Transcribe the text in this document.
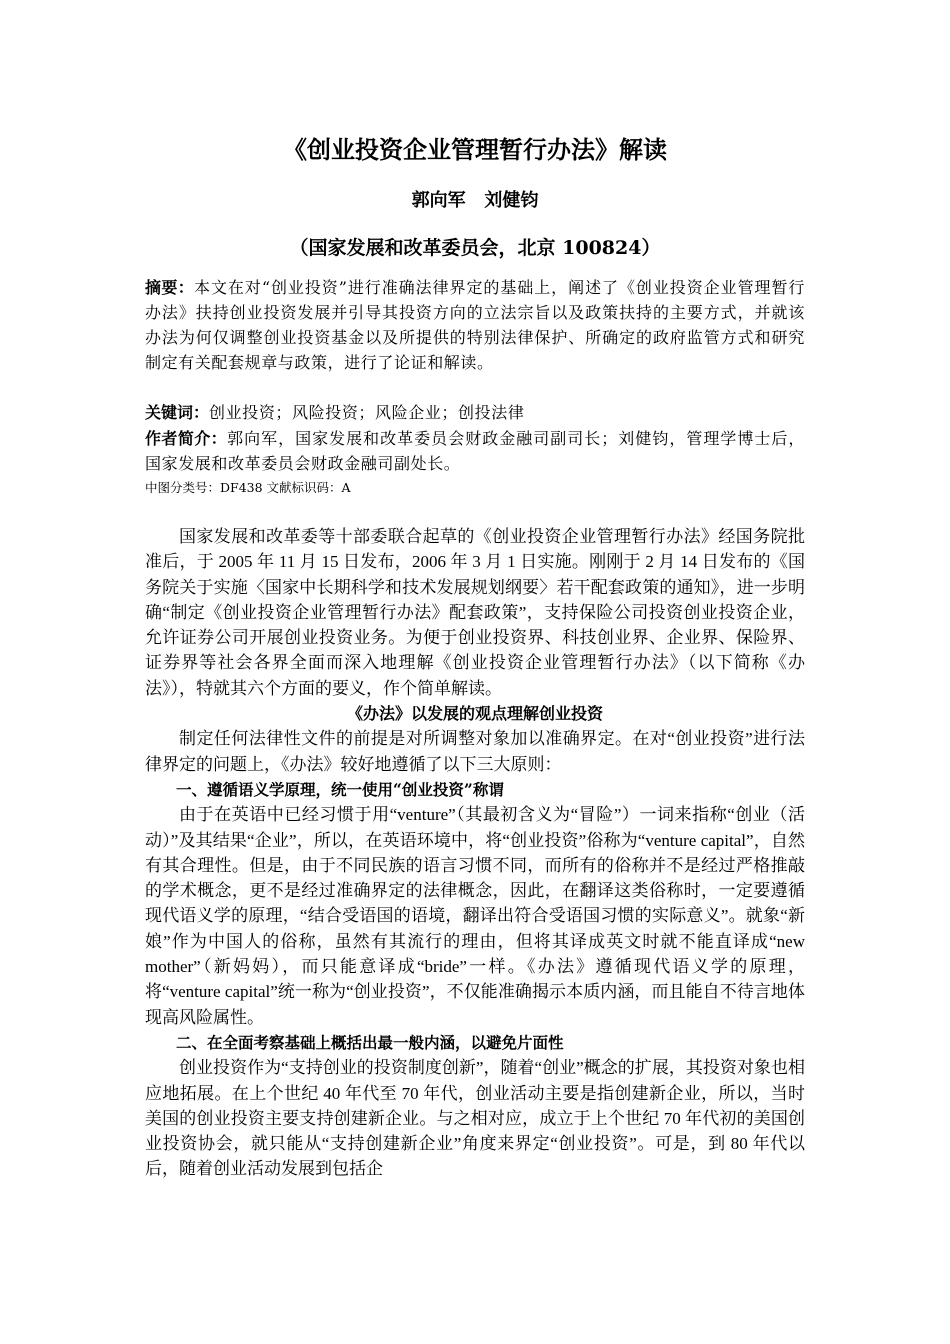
《创业投资企业管理暂行办法》解读
郭向军   刘健钧
（国家发展和改革委员会，北京 100824）
摘要：本文在对“创业投资”进行准确法律界定的基础上，阐述了《创业投资企业管理暂行办法》扶持创业投资发展并引导其投资方向的立法宗旨以及政策扶持的主要方式，并就该办法为何仅调整创业投资基金以及所提供的特别法律保护、所确定的政府监管方式和研究制定有关配套规章与政策，进行了论证和解读。
关键词：创业投资；风险投资；风险企业；创投法律
作者简介：郭向军，国家发展和改革委员会财政金融司副司长；刘健钧，管理学博士后，国家发展和改革委员会财政金融司副处长。
中图分类号：DF438 文献标识码：A

国家发展和改革委等十部委联合起草的《创业投资企业管理暂行办法》经国务院批准后，于 2005 年 11 月 15 日发布，2006 年 3 月 1 日实施。刚刚于 2 月 14 日发布的《国务院关于实施〈国家中长期科学和技术发展规划纲要〉若干配套政策的通知》，进一步明确“制定《创业投资企业管理暂行办法》配套政策”，支持保险公司投资创业投资企业，允许证券公司开展创业投资业务。为便于创业投资界、科技创业界、企业界、保险界、证券界等社会各界全面而深入地理解《创业投资企业管理暂行办法》（以下简称《办法》），特就其六个方面的要义，作个简单解读。

《办法》以发展的观点理解创业投资

制定任何法律性文件的前提是对所调整对象加以准确界定。在对“创业投资”进行法律界定的问题上，《办法》较好地遵循了以下三大原则：

一、遵循语义学原理，统一使用“创业投资”称谓

由于在英语中已经习惯于用“venture”（其最初含义为“冒险”）一词来指称“创业（活动）”及其结果“企业”，所以，在英语环境中，将“创业投资”俗称为“venture capital”，自然有其合理性。但是，由于不同民族的语言习惯不同，而所有的俗称并不是经过严格推敲的学术概念，更不是经过准确界定的法律概念，因此，在翻译这类俗称时，一定要遵循现代语义学的原理，“结合受语国的语境，翻译出符合受语国习惯的实际意义”。就象“新娘”作为中国人的俗称，虽然有其流行的理由，但将其译成英文时就不能直译成“new mother”（新妈妈），而只能意译成“bride”一样。《办法》遵循现代语义学的原理，将“venture capital”统一称为“创业投资”，不仅能准确揭示本质内涵，而且能自不待言地体现高风险属性。

二、在全面考察基础上概括出最一般内涵，以避免片面性

创业投资作为“支持创业的投资制度创新”，随着“创业”概念的扩展，其投资对象也相应地拓展。在上个世纪 40 年代至 70 年代，创业活动主要是指创建新企业，所以，当时美国的创业投资主要支持创建新企业。与之相对应，成立于上个世纪 70 年代初的美国创业投资协会，就只能从“支持创建新企业”角度来界定“创业投资”。可是，到 80 年代以后，随着创业活动发展到包括企
